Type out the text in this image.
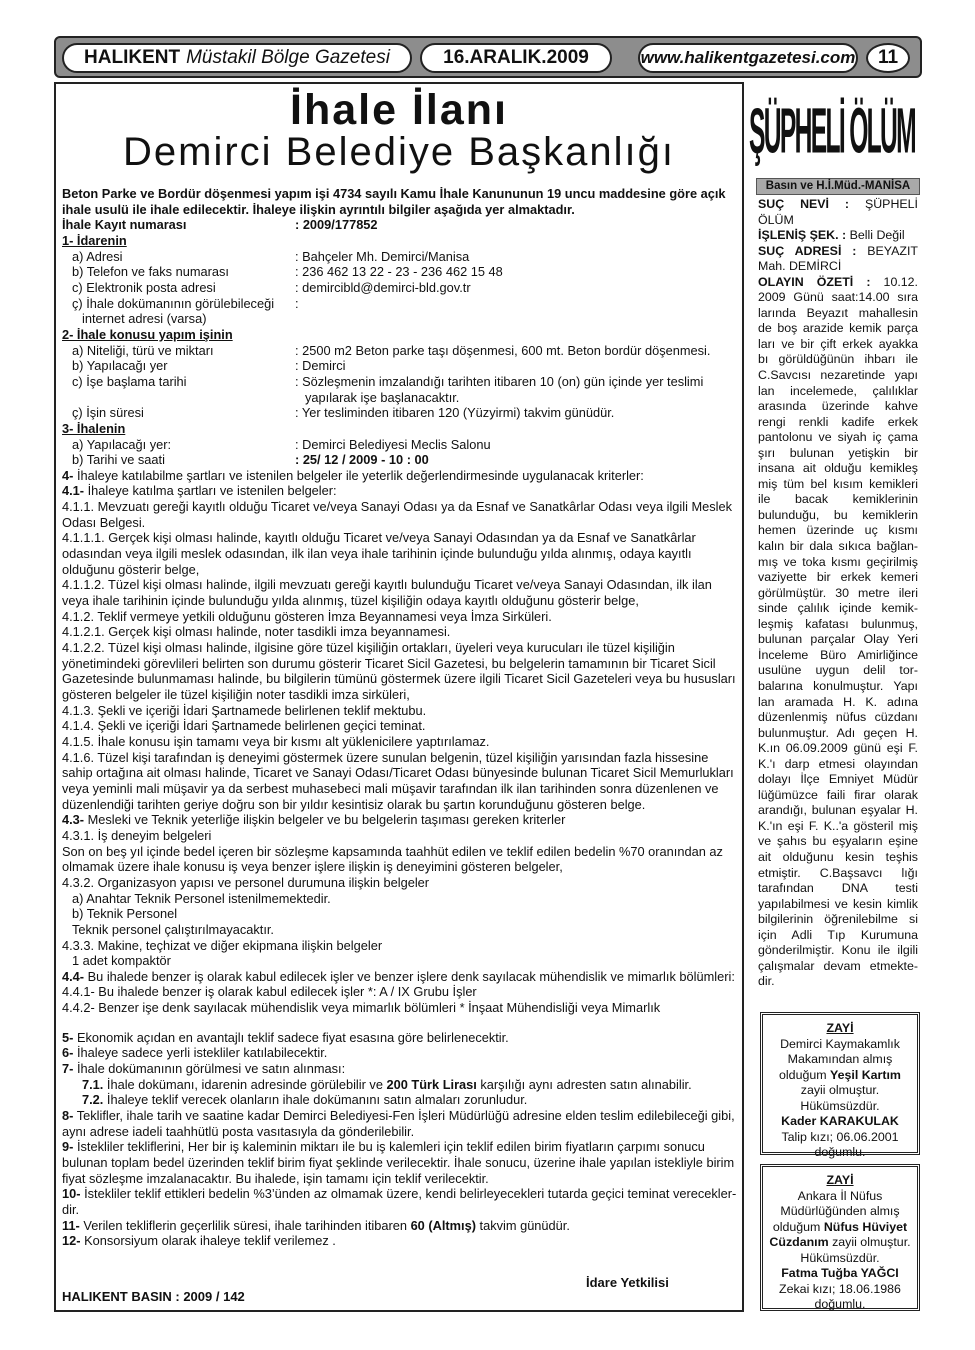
HALIKENT Müstakil Bölge Gazetesi	16.ARALIK.2009	www.halikentgazetesi.com	11
İhale İlanı
Demirci Belediye Başkanlığı
Beton Parke ve Bordür döşenmesi yapım işi 4734 sayılı Kamu İhale Kanununun 19 uncu maddesine göre açık ihale usulü ile ihale edilecektir. İhaleye ilişkin ayrıntılı bilgiler aşağıda yer almaktadır.
İhale Kayıt numarası	: 2009/177852
1- İdarenin
a) Adresi	: Bahçeler Mh. Demirci/Manisa
b) Telefon ve faks numarası	: 236 462 13 22 - 23 - 236 462 15 48
c) Elektronik posta adresi	: demircibld@demirci-bld.gov.tr
ç) İhale dokümanının görülebileceği
internet adresi (varsa)
:
2- İhale konusu yapım işinin
a) Niteliği, türü ve miktarı	: 2500 m2 Beton parke taşı döşenmesi, 600 mt. Beton bordür döşenmesi.
b) Yapılacağı yer	: Demirci
c) İşe başlama tarihi	: Sözleşmenin imzalandığı tarihten itibaren 10 (on) gün içinde yer teslimi
yapılarak işe başlanacaktır.
ç) İşin süresi	: Yer tesliminden itibaren 120 (Yüzyirmi) takvim günüdür.
3- İhalenin
a) Yapılacağı yer:	: Demirci Belediyesi Meclis Salonu
b) Tarihi ve saati	: 25/ 12 / 2009 - 10 : 00
4- İhaleye katılabilme şartları ve istenilen belgeler ile yeterlik değerlendirmesinde uygulanacak kriterler:
4.1- İhaleye katılma şartları ve istenilen belgeler:
4.1.1. Mevzuatı gereği kayıtlı olduğu Ticaret ve/veya Sanayi Odası ya da Esnaf ve Sanatkârlar Odası veya ilgili Meslek Odası Belgesi.
4.1.1.1. Gerçek kişi olması halinde, kayıtlı olduğu Ticaret ve/veya Sanayi Odasından ya da Esnaf ve Sanatkârlar odasından veya ilgili meslek odasından, ilk ilan veya ihale tarihinin içinde bulunduğu yılda alınmış, odaya kayıtlı olduğunu gösterir belge,
4.1.1.2. Tüzel kişi olması halinde, ilgili mevzuatı gereği kayıtlı bulunduğu Ticaret ve/veya Sanayi Odasından, ilk ilan veya ihale tarihinin içinde bulunduğu yılda alınmış, tüzel kişiliğin odaya kayıtlı olduğunu gösterir belge,
4.1.2. Teklif vermeye yetkili olduğunu gösteren İmza Beyannamesi veya İmza Sirküleri.
4.1.2.1. Gerçek kişi olması halinde, noter tasdikli imza beyannamesi.
4.1.2.2. Tüzel kişi olması halinde, ilgisine göre tüzel kişiliğin ortakları, üyeleri veya kurucuları ile tüzel kişiliğin yönetimindeki görevlileri belirten son durumu gösterir Ticaret Sicil Gazetesi, bu belgelerin tamamının bir Ticaret Sicil Gazetesinde bulunmaması halinde, bu bilgilerin tümünü göstermek üzere ilgili Ticaret Sicil Gazeteleri veya bu hususları gösteren belgeler ile tüzel kişiliğin noter tasdikli imza sirküleri,
4.1.3. Şekli ve içeriği İdari Şartnamede belirlenen teklif mektubu.
4.1.4. Şekli ve içeriği İdari Şartnamede belirlenen geçici teminat.
4.1.5. İhale konusu işin tamamı veya bir kısmı alt yüklenicilere yaptırılamaz.
4.1.6. Tüzel kişi tarafından iş deneyimi göstermek üzere sunulan belgenin, tüzel kişiliğin yarısından fazla hissesine sahip ortağına ait olması halinde, Ticaret ve Sanayi Odası/Ticaret Odası bünyesinde bulunan Ticaret Sicil Memurlukları veya yeminli mali müşavir ya da serbest muhasebeci mali müşavir tarafından ilk ilan tarihinden sonra düzenlenen ve düzenlendiği tarihten geriye doğru son bir yıldır kesintisiz olarak bu şartın korunduğunu gösteren belge.
4.3- Mesleki ve Teknik yeterliğe ilişkin belgeler ve bu belgelerin taşıması gereken kriterler
4.3.1. İş deneyim belgeleri
Son on beş yıl içinde bedel içeren bir sözleşme kapsamında taahhüt edilen ve teklif edilen bedelin %70 oranından az olmamak üzere ihale konusu iş veya benzer işlere ilişkin iş deneyimini gösteren belgeler,
4.3.2. Organizasyon yapısı ve personel durumuna ilişkin belgeler
a) Anahtar Teknik Personel istenilmemektedir.
b) Teknik Personel
Teknik personel çalıştırılmayacaktır.
4.3.3. Makine, teçhizat ve diğer ekipmana ilişkin belgeler
1 adet kompaktör
4.4- Bu ihalede benzer iş olarak kabul edilecek işler ve benzer işlere denk sayılacak mühendislik ve mimarlık bölümleri:
4.4.1- Bu ihalede benzer iş olarak kabul edilecek işler *: A / IX Grubu İşler
4.4.2- Benzer işe denk sayılacak mühendislik veya mimarlık bölümleri * İnşaat Mühendisliği veya Mimarlık
5- Ekonomik açıdan en avantajlı teklif sadece fiyat esasına göre belirlenecektir.
6- İhaleye sadece yerli istekliler katılabilecektir.
7- İhale dokümanının görülmesi ve satın alınması:
7.1. İhale dokümanı, idarenin adresinde görülebilir ve 200 Türk Lirası karşılığı aynı adresten satın alınabilir.
7.2. İhaleye teklif verecek olanların ihale dokümanını satın almaları zorunludur.
8- Teklifler, ihale tarih ve saatine kadar Demirci Belediyesi-Fen İşleri Müdürlüğü adresine elden teslim edilebileceği gibi, aynı adrese iadeli taahhütlü posta vasıtasıyla da gönderilebilir.
9- İstekliler tekliflerini, Her bir iş kaleminin miktarı ile bu iş kalemleri için teklif edilen birim fiyatların çarpımı sonucu bulunan toplam bedel üzerinden teklif birim fiyat şeklinde verilecektir. İhale sonucu, üzerine ihale yapılan istekliyle birim fiyat sözleşme imzalanacaktır. Bu ihalede, işin tamamı için teklif verilecektir.
10- İstekliler teklif ettikleri bedelin %3’ünden az olmamak üzere, kendi belirleyecekleri tutarda geçici teminat vereceklerdir.
11- Verilen tekliflerin geçerlilik süresi, ihale tarihinden itibaren 60 (Altmış) takvim günüdür.
12- Konsorsiyum olarak ihaleye teklif verilemez .
İdare Yetkilisi
HALIKENT BASIN : 2009 / 142
ŞÜPHELİ ÖLÜM
Basın ve H.İ.Müd.-MANİSA
SUÇ NEVİ : ŞÜPHELİ ÖLÜM
İŞLENİŞ ŞEK. : Belli Değil
SUÇ ADRESİ : BEYAZIT Mah. DEMİRCİ
OLAYIN ÖZETİ : 10.12. 2009 Günü saat:14.00 sıra larında Beyazıt mahallesin de boş arazide kemik parça ları ve bir çift erkek ayakka bı görüldüğünün ihbarı ile C.Savcısı nezaretinde yapı lan incelemede, çalılıklar arasında üzerinde kahve rengi renkli kadife erkek pantolonu ve siyah iç çama şırı bulunan yetişkin bir insana ait olduğu kemikleş miş tüm bel kısım kemikleri ile bacak kemiklerinin bulunduğu, bu kemiklerin hemen üzerinde uç kısmı kalın bir dala sıkıca bağlanmış ve toka kısmı geçirilmiş vaziyette bir erkek kemeri görülmüştür. 30 metre ileri sinde çalılık içinde kemikleşmiş kafatası bulunmuş, bulunan parçalar Olay Yeri İnceleme Büro Amirliğince usulüne uygun delil torbalarına konulmuştur. Yapı lan aramada H. K. adına düzenlenmiş nüfus cüzdanı bulunmuştur. Adı geçen H. K.ın 06.09.2009 günü eşi F. K.'ı darp etmesi olayından dolayı İlçe Emniyet Müdür lüğümüzce faili firar olarak arandığı, bulunan eşyalar H. K.'ın eşi F. K..'a gösteril miş ve şahıs bu eşyaların eşine ait olduğunu kesin teşhis etmiştir. C.Başsavcı lığı tarafından DNA testi yapılabilmesi ve kesin kimlik bilgilerinin öğrenilebilme si için Adli Tıp Kurumuna gönderilmiştir. Konu ile ilgili çalışmalar devam etmektedir.
ZAYİ
Demirci Kaymakamlık Makamından almış olduğum Yeşil Kartım zayii olmuştur. Hükümsüzdür.
Kader KARAKULAK
Talip kızı; 06.06.2001 doğumlu.
ZAYİ
Ankara İl Nüfus Müdürlüğünden almış olduğum Nüfus Hüviyet Cüzdanım zayii olmuştur. Hükümsüzdür.
Fatma Tuğba YAĞCI
Zekai kızı; 18.06.1986 doğumlu.
